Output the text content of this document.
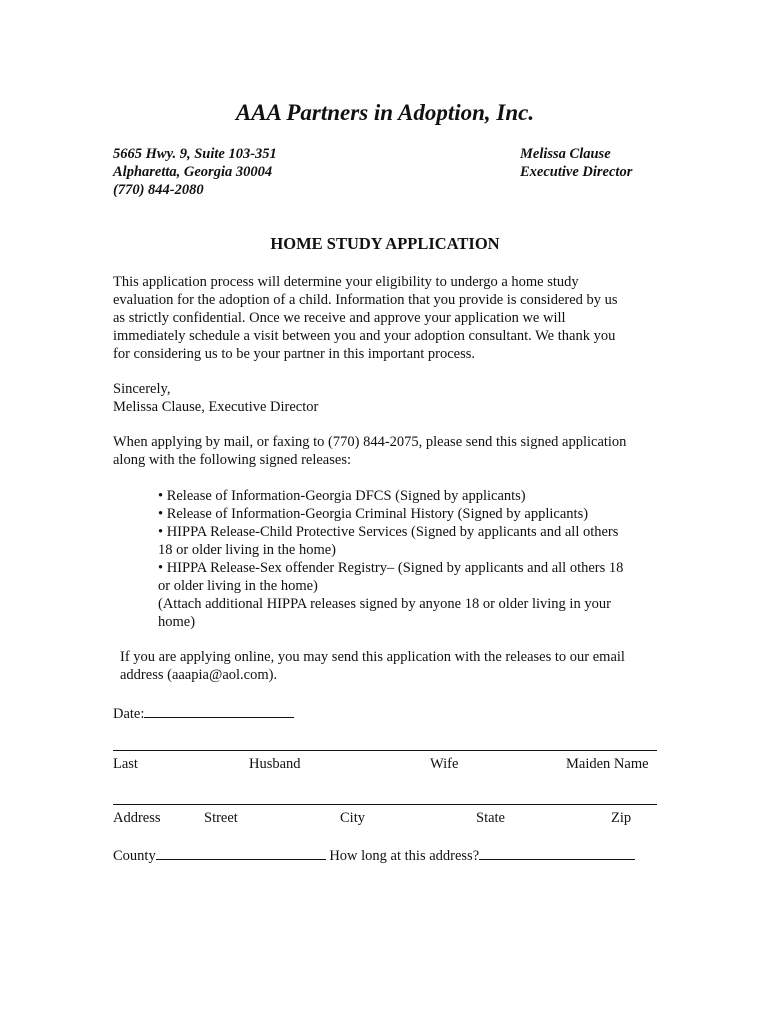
AAA Partners in Adoption, Inc.
5665 Hwy. 9, Suite 103-351
Alpharetta, Georgia 30004
(770) 844-2080
Melissa Clause
Executive Director
HOME STUDY APPLICATION
This application process will determine your eligibility to undergo a home study
evaluation for the adoption of a child. Information that you provide is considered by us
as strictly confidential. Once we receive and approve your application we will
immediately schedule a visit between you and your adoption consultant. We thank you
for considering us to be your partner in this important process.
Sincerely,
Melissa Clause, Executive Director
When applying by mail, or faxing to (770) 844-2075, please send this signed application
along with the following signed releases:
• Release of Information-Georgia DFCS (Signed by applicants)
• Release of Information-Georgia Criminal History (Signed by applicants)
• HIPPA Release-Child Protective Services (Signed by applicants and all others
18 or older living in the home)
• HIPPA Release-Sex offender Registry– (Signed by applicants and all others 18
or older living in the home)
(Attach additional HIPPA releases signed by anyone 18 or older living in your
home)
If you are applying online, you may send this application with the releases to our email
address (aaapia@aol.com).
Date:
Last	Husband	Wife	Maiden Name
Address	Street	City	State	Zip
County	How long at this address?
